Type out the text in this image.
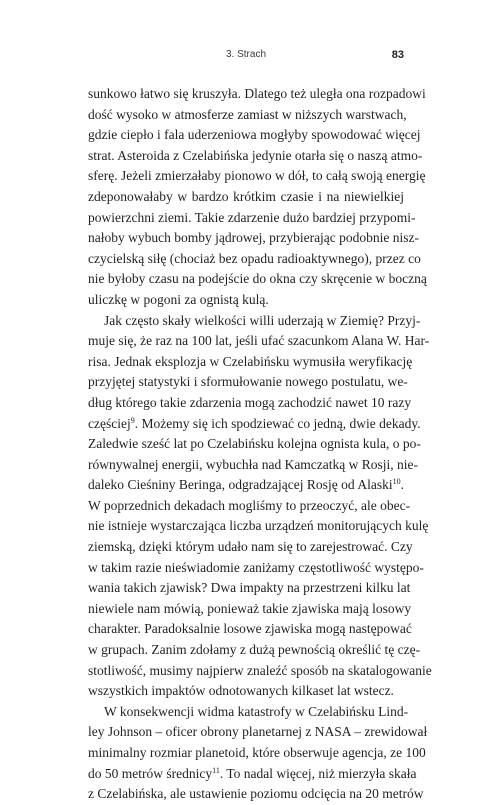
3. Strach	83
sunkowo łatwo się kruszyła. Dlatego też uległa ona rozpadowi
dość wysoko w atmosferze zamiast w niższych warstwach,
gdzie ciepło i fala uderzeniowa mogłyby spowodować więcej
strat. Asteroida z Czelabińska jedynie otarła się o naszą atmo-
sferę. Jeżeli zmierzałaby pionowo w dół, to całą swoją energię
zdeponowałaby w bardzo krótkim czasie i na niewielkiej
powierzchni ziemi. Takie zdarzenie dużo bardziej przypomi-
nałoby wybuch bomby jądrowej, przybierając podobnie nisz-
czycielską siłę (chociaż bez opadu radioaktywnego), przez co
nie byłoby czasu na podejście do okna czy skręcenie w boczną
uliczkę w pogoni za ognistą kulą.
Jak często skały wielkości willi uderzają w Ziemię? Przyj-
muje się, że raz na 100 lat, jeśli ufać szacunkom Alana W. Har-
risa. Jednak eksplozja w Czelabińsku wymusiła weryfikację
przyjętej statystyki i sformułowanie nowego postulatu, we-
dług którego takie zdarzenia mogą zachodzić nawet 10 razy
częściej$^9$. Możemy się ich spodziewać co jedną, dwie dekady.
Zaledwie sześć lat po Czelabińsku kolejna ognista kula, o po-
równywalnej energii, wybuchła nad Kamczatką w Rosji, nie-
daleko Cieśniny Beringa, odgradzającej Rosję od Alaski$^{10}$.
W poprzednich dekadach mogliśmy to przeoczyć, ale obec-
nie istnieje wystarczająca liczba urządzeń monitorujących kulę
ziemską, dzięki którym udało nam się to zarejestrować. Czy
w takim razie nieświadomie zaniżamy częstotliwość występo-
wania takich zjawisk? Dwa impakty na przestrzeni kilku lat
niewiele nam mówią, ponieważ takie zjawiska mają losowy
charakter. Paradoksalnie losowe zjawiska mogą następować
w grupach. Zanim zdołamy z dużą pewnością określić tę czę-
stotliwość, musimy najpierw znaleźć sposób na skatalogowanie
wszystkich impaktów odnotowanych kilkaset lat wstecz.
W konsekwencji widma katastrofy w Czelabińsku Lind-
ley Johnson – oficer obrony planetarnej z NASA – zrewidował
minimalny rozmiar planetoid, które obserwuje agencja, ze 100
do 50 metrów średnicy$^{11}$. To nadal więcej, niż mierzyła skała
z Czelabińska, ale ustawienie poziomu odcięcia na 20 metrów
